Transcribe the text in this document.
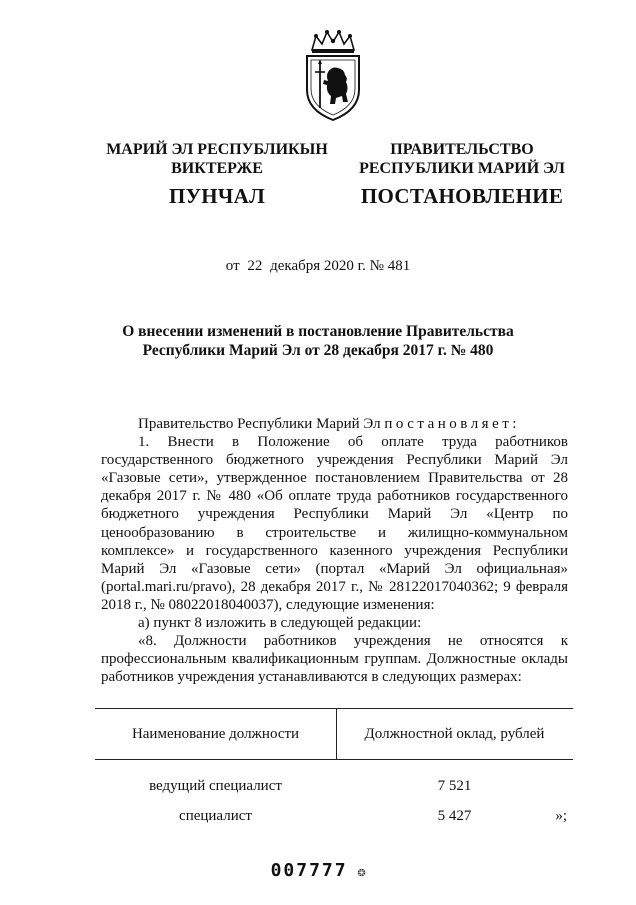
МАРИЙ ЭЛ РЕСПУБЛИКЫН

ВИКТЕРЖЕ

ПУНЧАЛ

ПРАВИТЕЛЬСТВО

РЕСПУБЛИКИ МАРИЙ ЭЛ

ПОСТАНОВЛЕНИЕ

от 22 декабря 2020 г. № 481

О внесении изменений в постановление Правительства

Республики Марий Эл от 28 декабря 2017 г. № 480

Правительство Республики Марий Эл постановляет:

1. Внести в Положение об оплате труда работников государственного бюджетного учреждения Республики Марий Эл «Газовые сети», утвержденное постановлением Правительства от 28 декабря 2017 г. № 480 «Об оплате труда работников государственного бюджетного учреждения Республики Марий Эл «Центр по ценообразованию в строительстве и жилищно-коммунальном комплексе» и государственного казенного учреждения Республики Марий Эл «Газовые сети» (портал «Марий Эл официальная» (portal.mari.ru/pravo), 28 декабря 2017 г., № 28122017040362; 9 февраля 2018 г., № 08022018040037), следующие изменения:

а) пункт 8 изложить в следующей редакции:

«8. Должности работников учреждения не относятся к профессиональным квалификационным группам. Должностные оклады работников учреждения устанавливаются в следующих размерах:

Наименование должности	Должностной оклад, рублей
ведущий специалист	7 521
специалист	5 427	»;
007777 ❂
